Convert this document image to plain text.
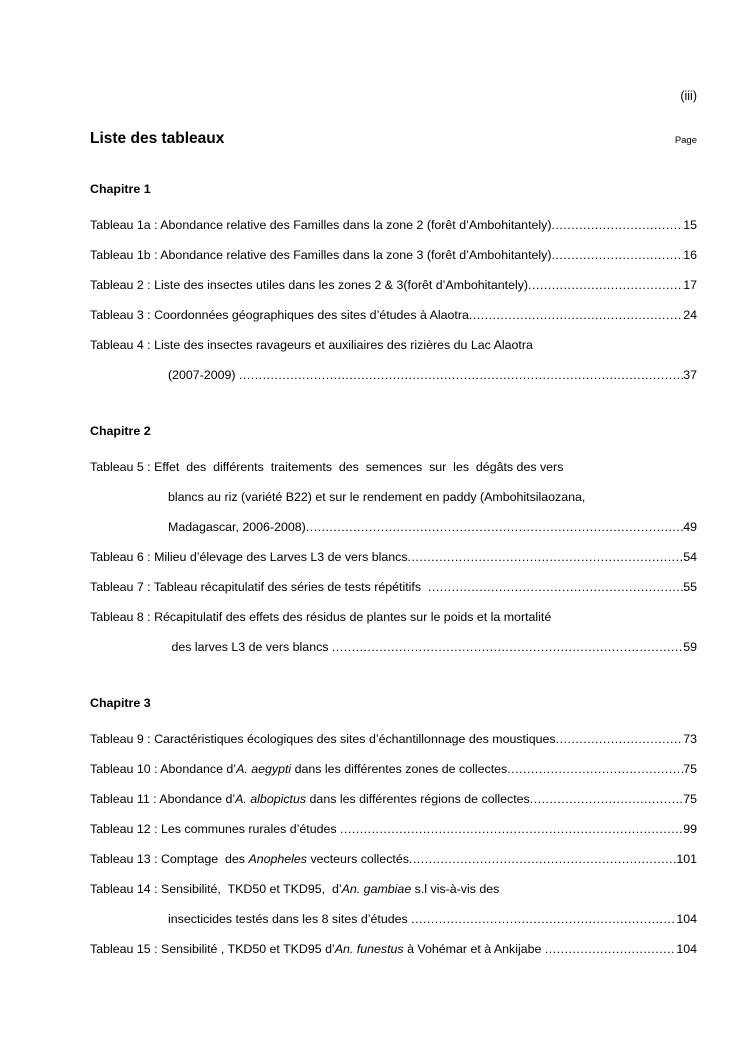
(iii)
Liste des tableaux	Page
Chapitre 1
Tableau 1a : Abondance relative des Familles dans la zone 2 (forêt d’Ambohitantely) .....	15
Tableau 1b : Abondance relative des Familles dans la zone 3 (forêt d’Ambohitantely) .....	16
Tableau 2 : Liste des insectes utiles dans les zones 2 & 3(forêt d’Ambohitantely) .....	17
Tableau 3 : Coordonnées géographiques des sites d’études à Alaotra .....	24
Tableau 4 : Liste des insectes ravageurs et auxiliaires des rizières du Lac Alaotra
(2007-2009) .....	37
Chapitre 2
Tableau 5 : Effet  des  différents  traitements  des  semences  sur  les  dégâts des vers
blancs au riz (variété B22) et sur le rendement en paddy (Ambohitsilaozana,
Madagascar, 2006-2008) .....	49
Tableau 6 : Milieu d’élevage des Larves L3 de vers blancs .....	54
Tableau 7 : Tableau récapitulatif des séries de tests répétitifs .....	55
Tableau 8 : Récapitulatif des effets des résidus de plantes sur le poids et la mortalité
des larves L3 de vers blancs .....	59
Chapitre 3
Tableau 9 : Caractéristiques écologiques des sites d’échantillonnage des moustiques .....	73
Tableau 10 : Abondance d’ A. aegypti dans les différentes zones de collectes .....	75
Tableau 11 : Abondance d’ A. albopictus dans les différentes régions de collectes .....	75
Tableau 12 : Les communes rurales d’études .....	99
Tableau 13 : Comptage  des Anopheles vecteurs collectés .....	101
Tableau 14 : Sensibilité,  TKD50 et TKD95,  d’ An. gambiae s.l vis-à-vis des
insecticides testés dans les 8 sites d’études .....	104
Tableau 15 : Sensibilité , TKD50 et TKD95 d’ An. funestus à Vohémar et à Ankijabe .....	104
